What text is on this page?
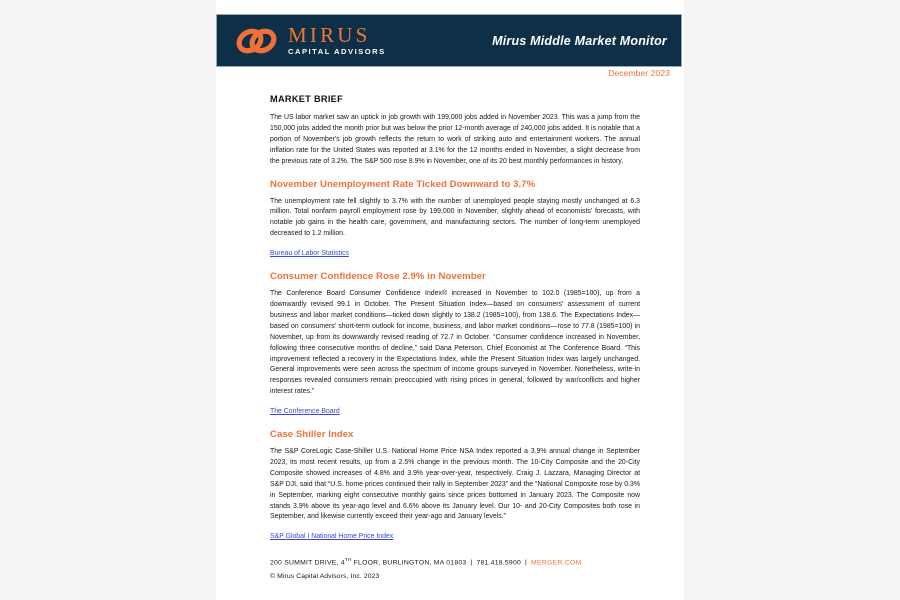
MIRUS
CAPITAL ADVISORS
Mirus Middle Market Monitor
December 2023
MARKET BRIEF

The US labor market saw an uptick in job growth with 199,000 jobs added in November 2023. This was a jump from the 150,000 jobs added the month prior but was below the prior 12-month average of 240,000 jobs added. It is notable that a portion of November's job growth reflects the return to work of striking auto and entertainment workers. The annual inflation rate for the United States was reported at 3.1% for the 12 months ended in November, a slight decrease from the previous rate of 3.2%. The S&P 500 rose 8.9% in November, one of its 20 best monthly performances in history.

November Unemployment Rate Ticked Downward to 3.7%

The unemployment rate fell slightly to 3.7% with the number of unemployed people staying mostly unchanged at 6.3 million. Total nonfarm payroll employment rose by 199,000 in November, slightly ahead of economists' forecasts, with notable job gains in the health care, government, and manufacturing sectors. The number of long-term unemployed decreased to 1.2 million.

Bureau of Labor Statistics
Consumer Confidence Rose 2.9% in November

The Conference Board Consumer Confidence Index® increased in November to 102.0 (1985=100), up from a downwardly revised 99.1 in October. The Present Situation Index—based on consumers' assessment of current business and labor market conditions—ticked down slightly to 138.2 (1985=100), from 138.6. The Expectations Index—based on consumers' short-term outlook for income, business, and labor market conditions—rose to 77.8 (1985=100) in November, up from its downwardly revised reading of 72.7 in October. “Consumer confidence increased in November, following three consecutive months of decline,” said Dana Peterson, Chief Economist at The Conference Board. “This improvement reflected a recovery in the Expectations Index, while the Present Situation Index was largely unchanged. General improvements were seen across the spectrum of income groups surveyed in November. Nonetheless, write-in responses revealed consumers remain preoccupied with rising prices in general, followed by war/conflicts and higher interest rates.”

The Conference Board
Case Shiller Index

The S&P CoreLogic Case-Shiller U.S. National Home Price NSA Index reported a 3.9% annual change in September 2023, its most recent results, up from a 2.5% change in the previous month. The 10-City Composite and the 20-City Composite showed increases of 4.8% and 3.9% year-over-year, respectively. Craig J. Lazzara, Managing Director at S&P DJI, said that “U.S. home prices continued their rally in September 2023” and the “National Composite rose by 0.3% in September, marking eight consecutive monthly gains since prices bottomed in January 2023. The Composite now stands 3.9% above its year-ago level and 6.6% above its January level. Our 10- and 20-City Composites both rose in September, and likewise currently exceed their year-ago and January levels.”

S&P Global I National Home Price Index
200 SUMMIT DRIVE, 4TH FLOOR, BURLINGTON, MA 01803 | 781.418.5900 | MERGER.COM
© Mirus Capital Advisors, Inc. 2023
